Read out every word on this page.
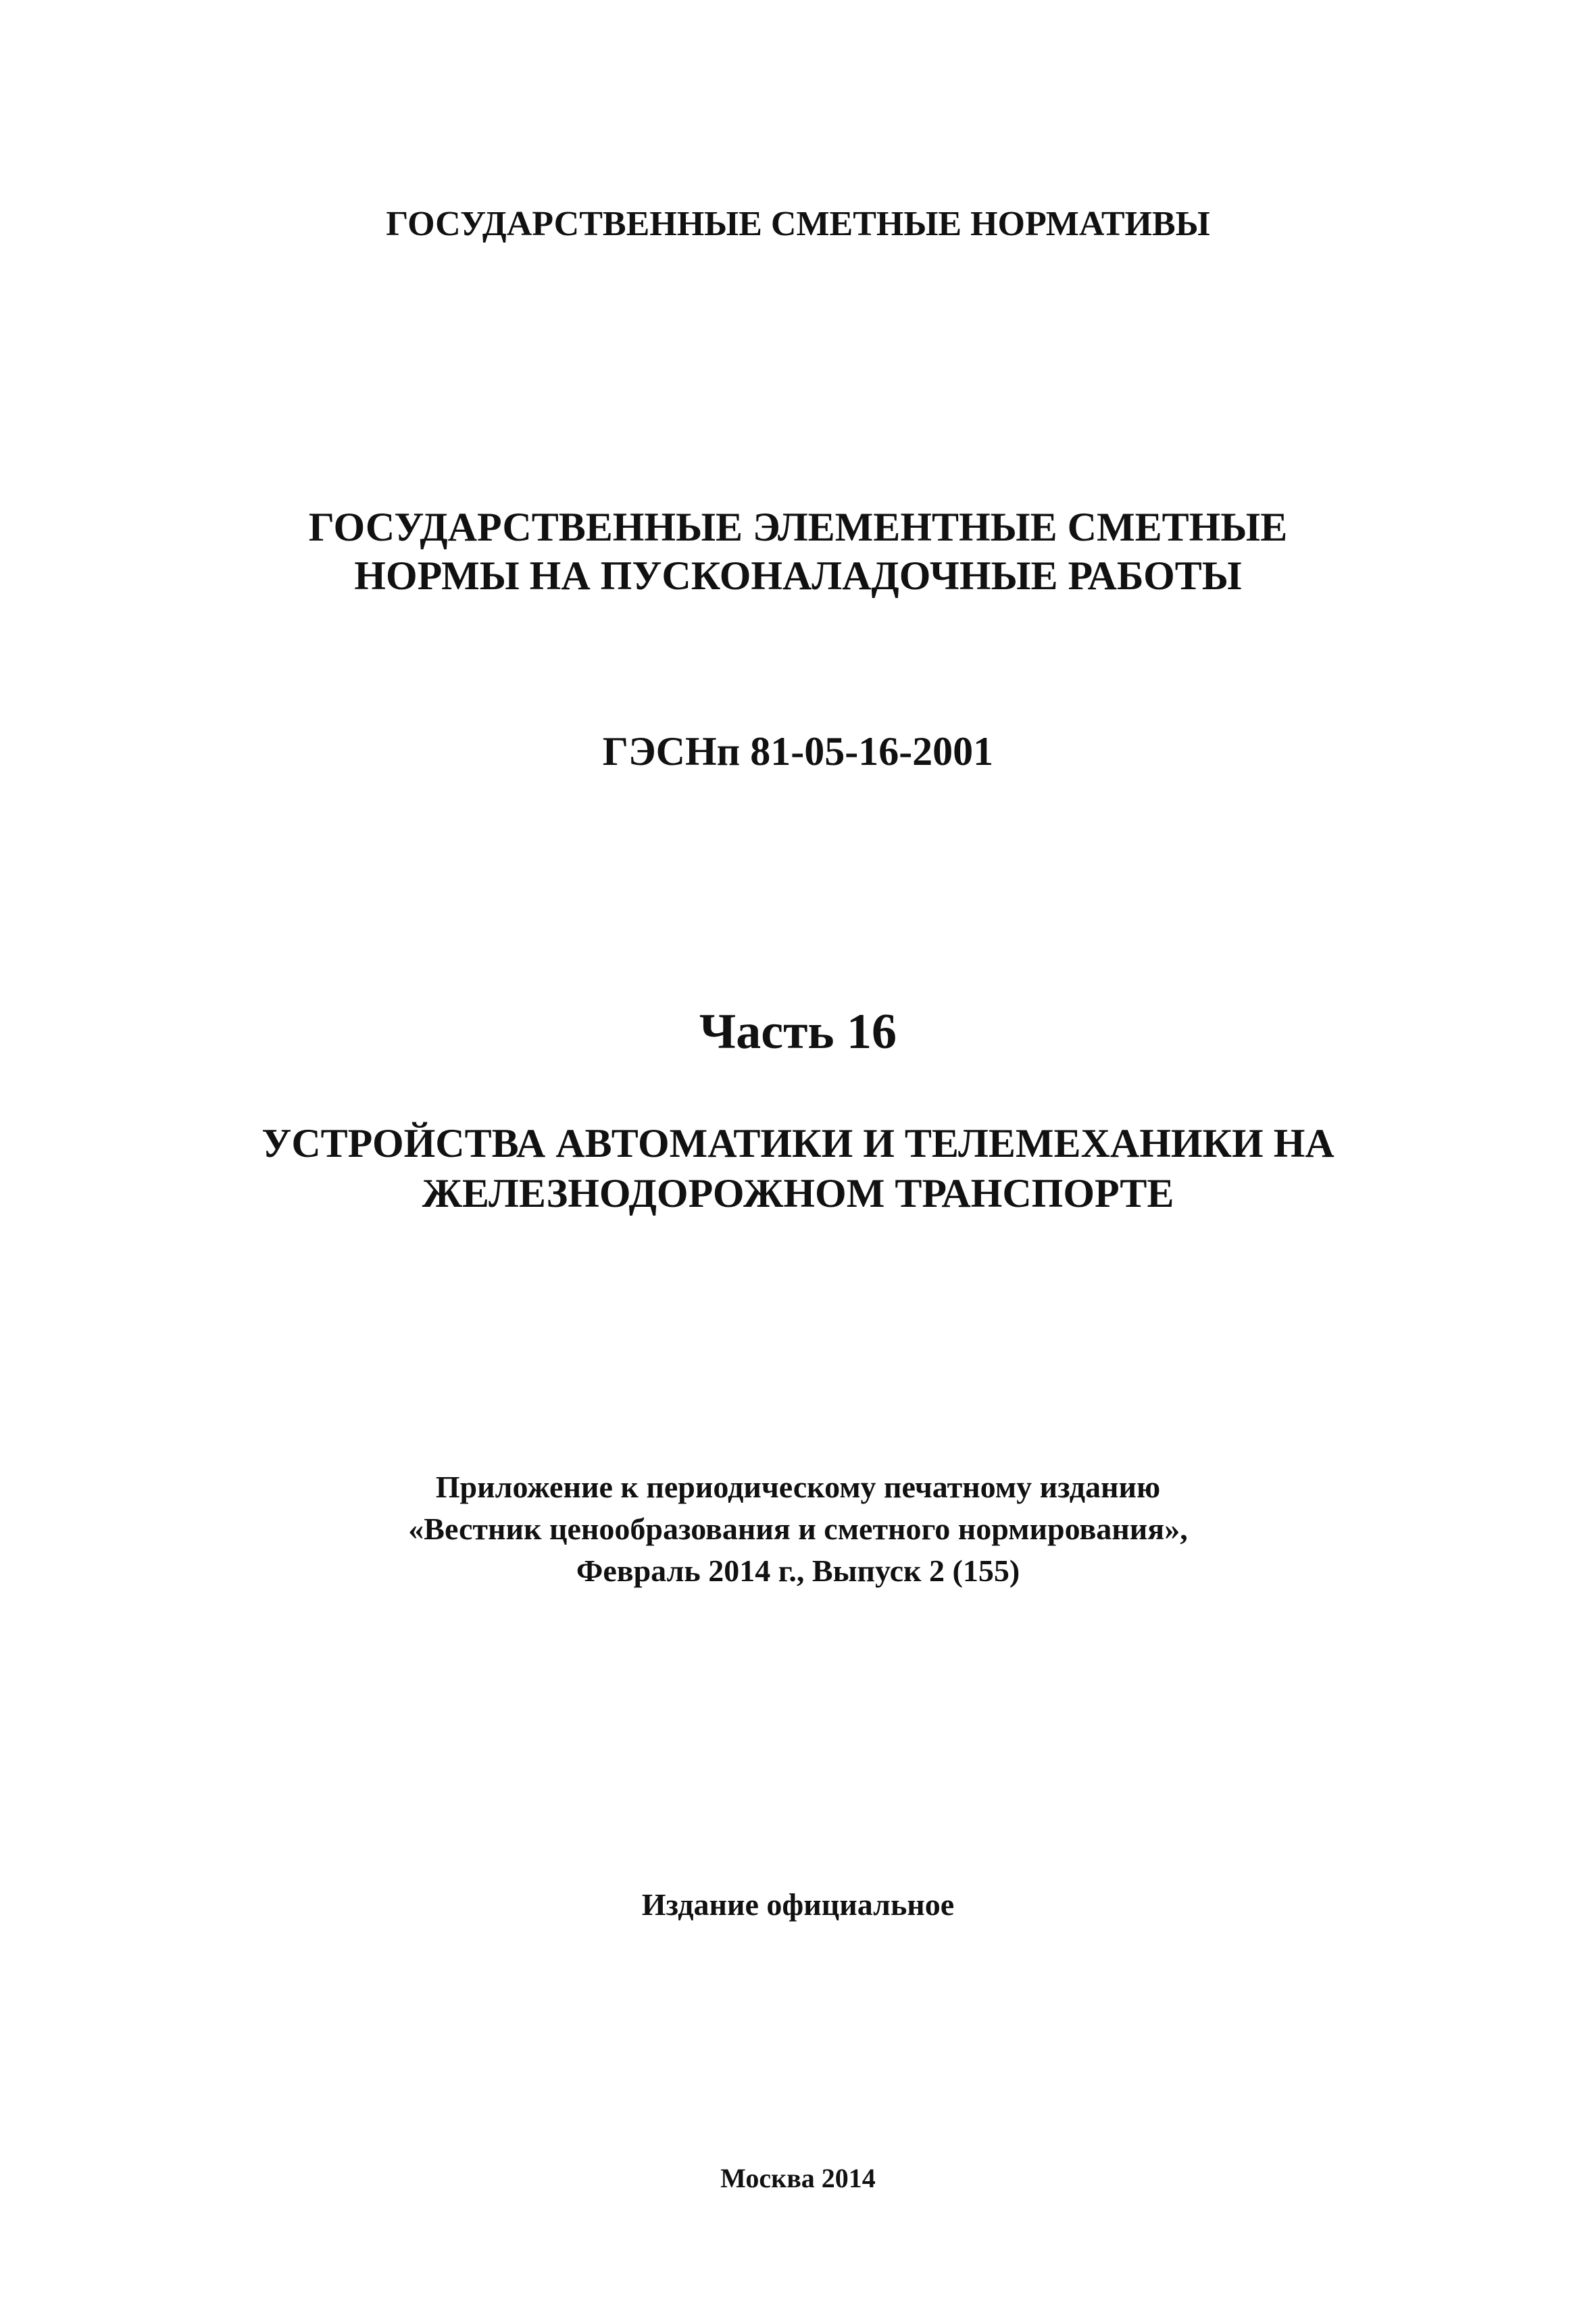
ГОСУДАРСТВЕННЫЕ СМЕТНЫЕ НОРМАТИВЫ
ГОСУДАРСТВЕННЫЕ ЭЛЕМЕНТНЫЕ СМЕТНЫЕ
НОРМЫ НА ПУСКОНАЛАДОЧНЫЕ РАБОТЫ
ГЭСНп 81-05-16-2001
Часть 16
УСТРОЙСТВА АВТОМАТИКИ И ТЕЛЕМЕХАНИКИ НА
ЖЕЛЕЗНОДОРОЖНОМ ТРАНСПОРТЕ
Приложение к периодическому печатному изданию
«Вестник ценообразования и сметного нормирования»,
Февраль 2014 г., Выпуск 2 (155)
Издание официальное
Москва 2014
